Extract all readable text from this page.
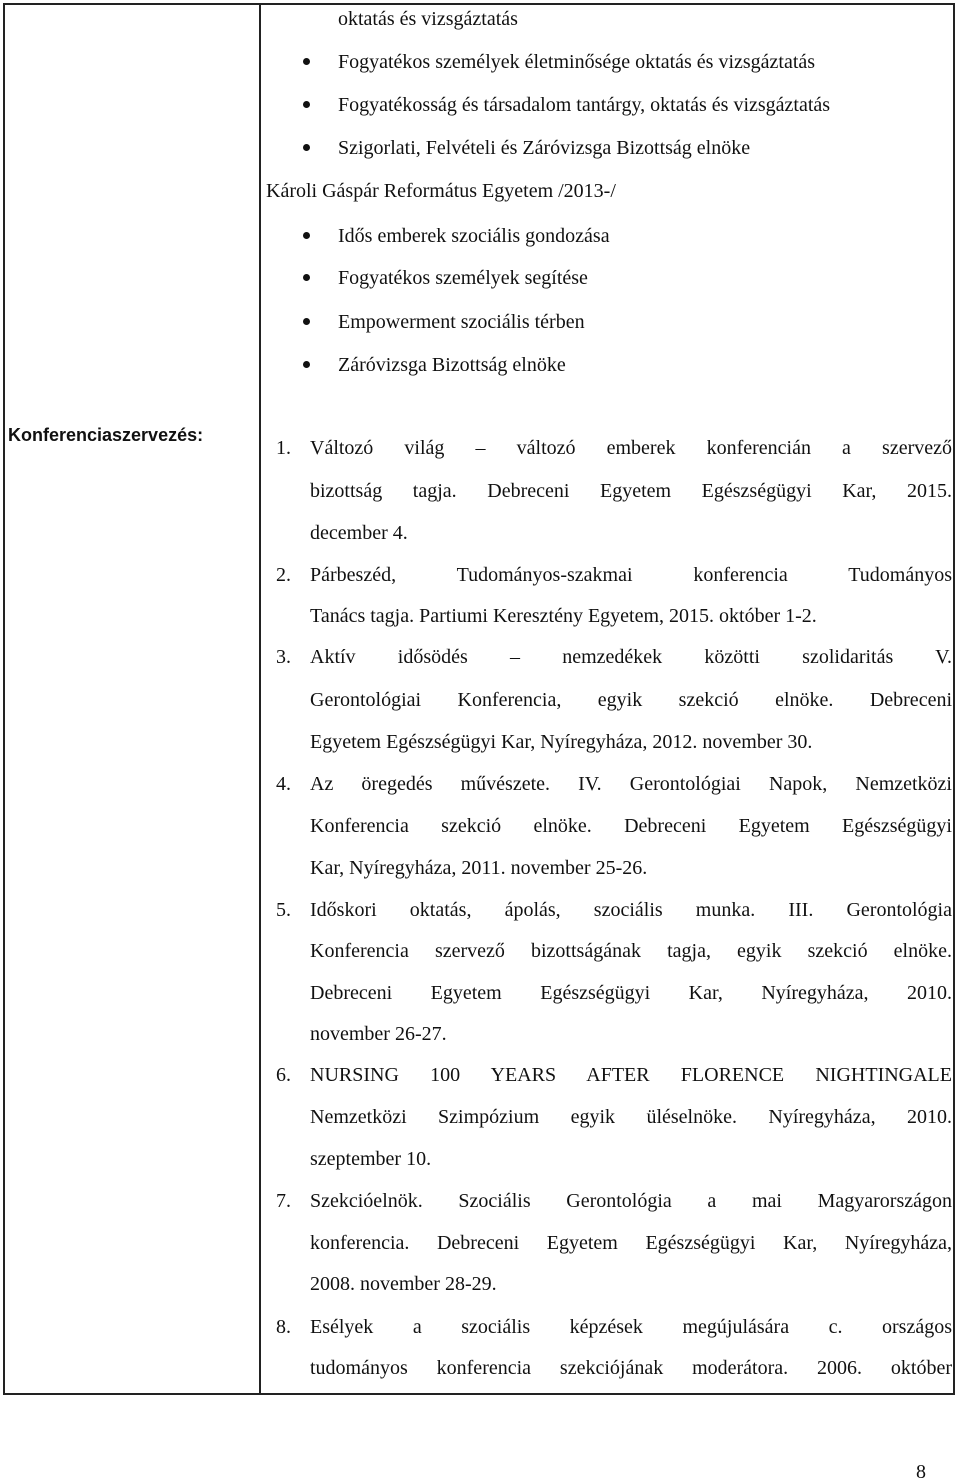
oktatás és vizsgáztatás
Fogyatékos személyek életminősége oktatás és vizsgáztatás
Fogyatékosság és társadalom tantárgy, oktatás és vizsgáztatás
Szigorlati, Felvételi és Záróvizsga Bizottság elnöke
Károli Gáspár Református Egyetem /2013-/
Idős emberek szociális gondozása
Fogyatékos személyek segítése
Empowerment szociális térben
Záróvizsga Bizottság elnöke
Konferenciaszervezés:
1. Változó világ – változó emberek konferencián a szervező
bizottság tagja. Debreceni Egyetem Egészségügyi Kar, 2015.
december 4.
2. Párbeszéd, Tudományos-szakmai konferencia Tudományos
Tanács tagja. Partiumi Keresztény Egyetem, 2015. október 1-2.
3. Aktív idősödés – nemzedékek közötti szolidaritás V.
Gerontológiai Konferencia, egyik szekció elnöke. Debreceni
Egyetem Egészségügyi Kar, Nyíregyháza, 2012. november 30.
4. Az öregedés művészete. IV. Gerontológiai Napok, Nemzetközi
Konferencia szekció elnöke. Debreceni Egyetem Egészségügyi
Kar, Nyíregyháza, 2011. november 25-26.
5. Időskori oktatás, ápolás, szociális munka. III. Gerontológia
Konferencia szervező bizottságának tagja, egyik szekció elnöke.
Debreceni Egyetem Egészségügyi Kar, Nyíregyháza, 2010.
november 26-27.
6. NURSING 100 YEARS AFTER FLORENCE NIGHTINGALE
Nemzetközi Szimpózium egyik üléselnöke. Nyíregyháza, 2010.
szeptember 10.
7. Szekcióelnök. Szociális Gerontológia a mai Magyarországon
konferencia. Debreceni Egyetem Egészségügyi Kar, Nyíregyháza,
2008. november 28-29.
8. Esélyek a szociális képzések megújulására c. országos
tudományos konferencia szekciójának moderátora. 2006. október
8
